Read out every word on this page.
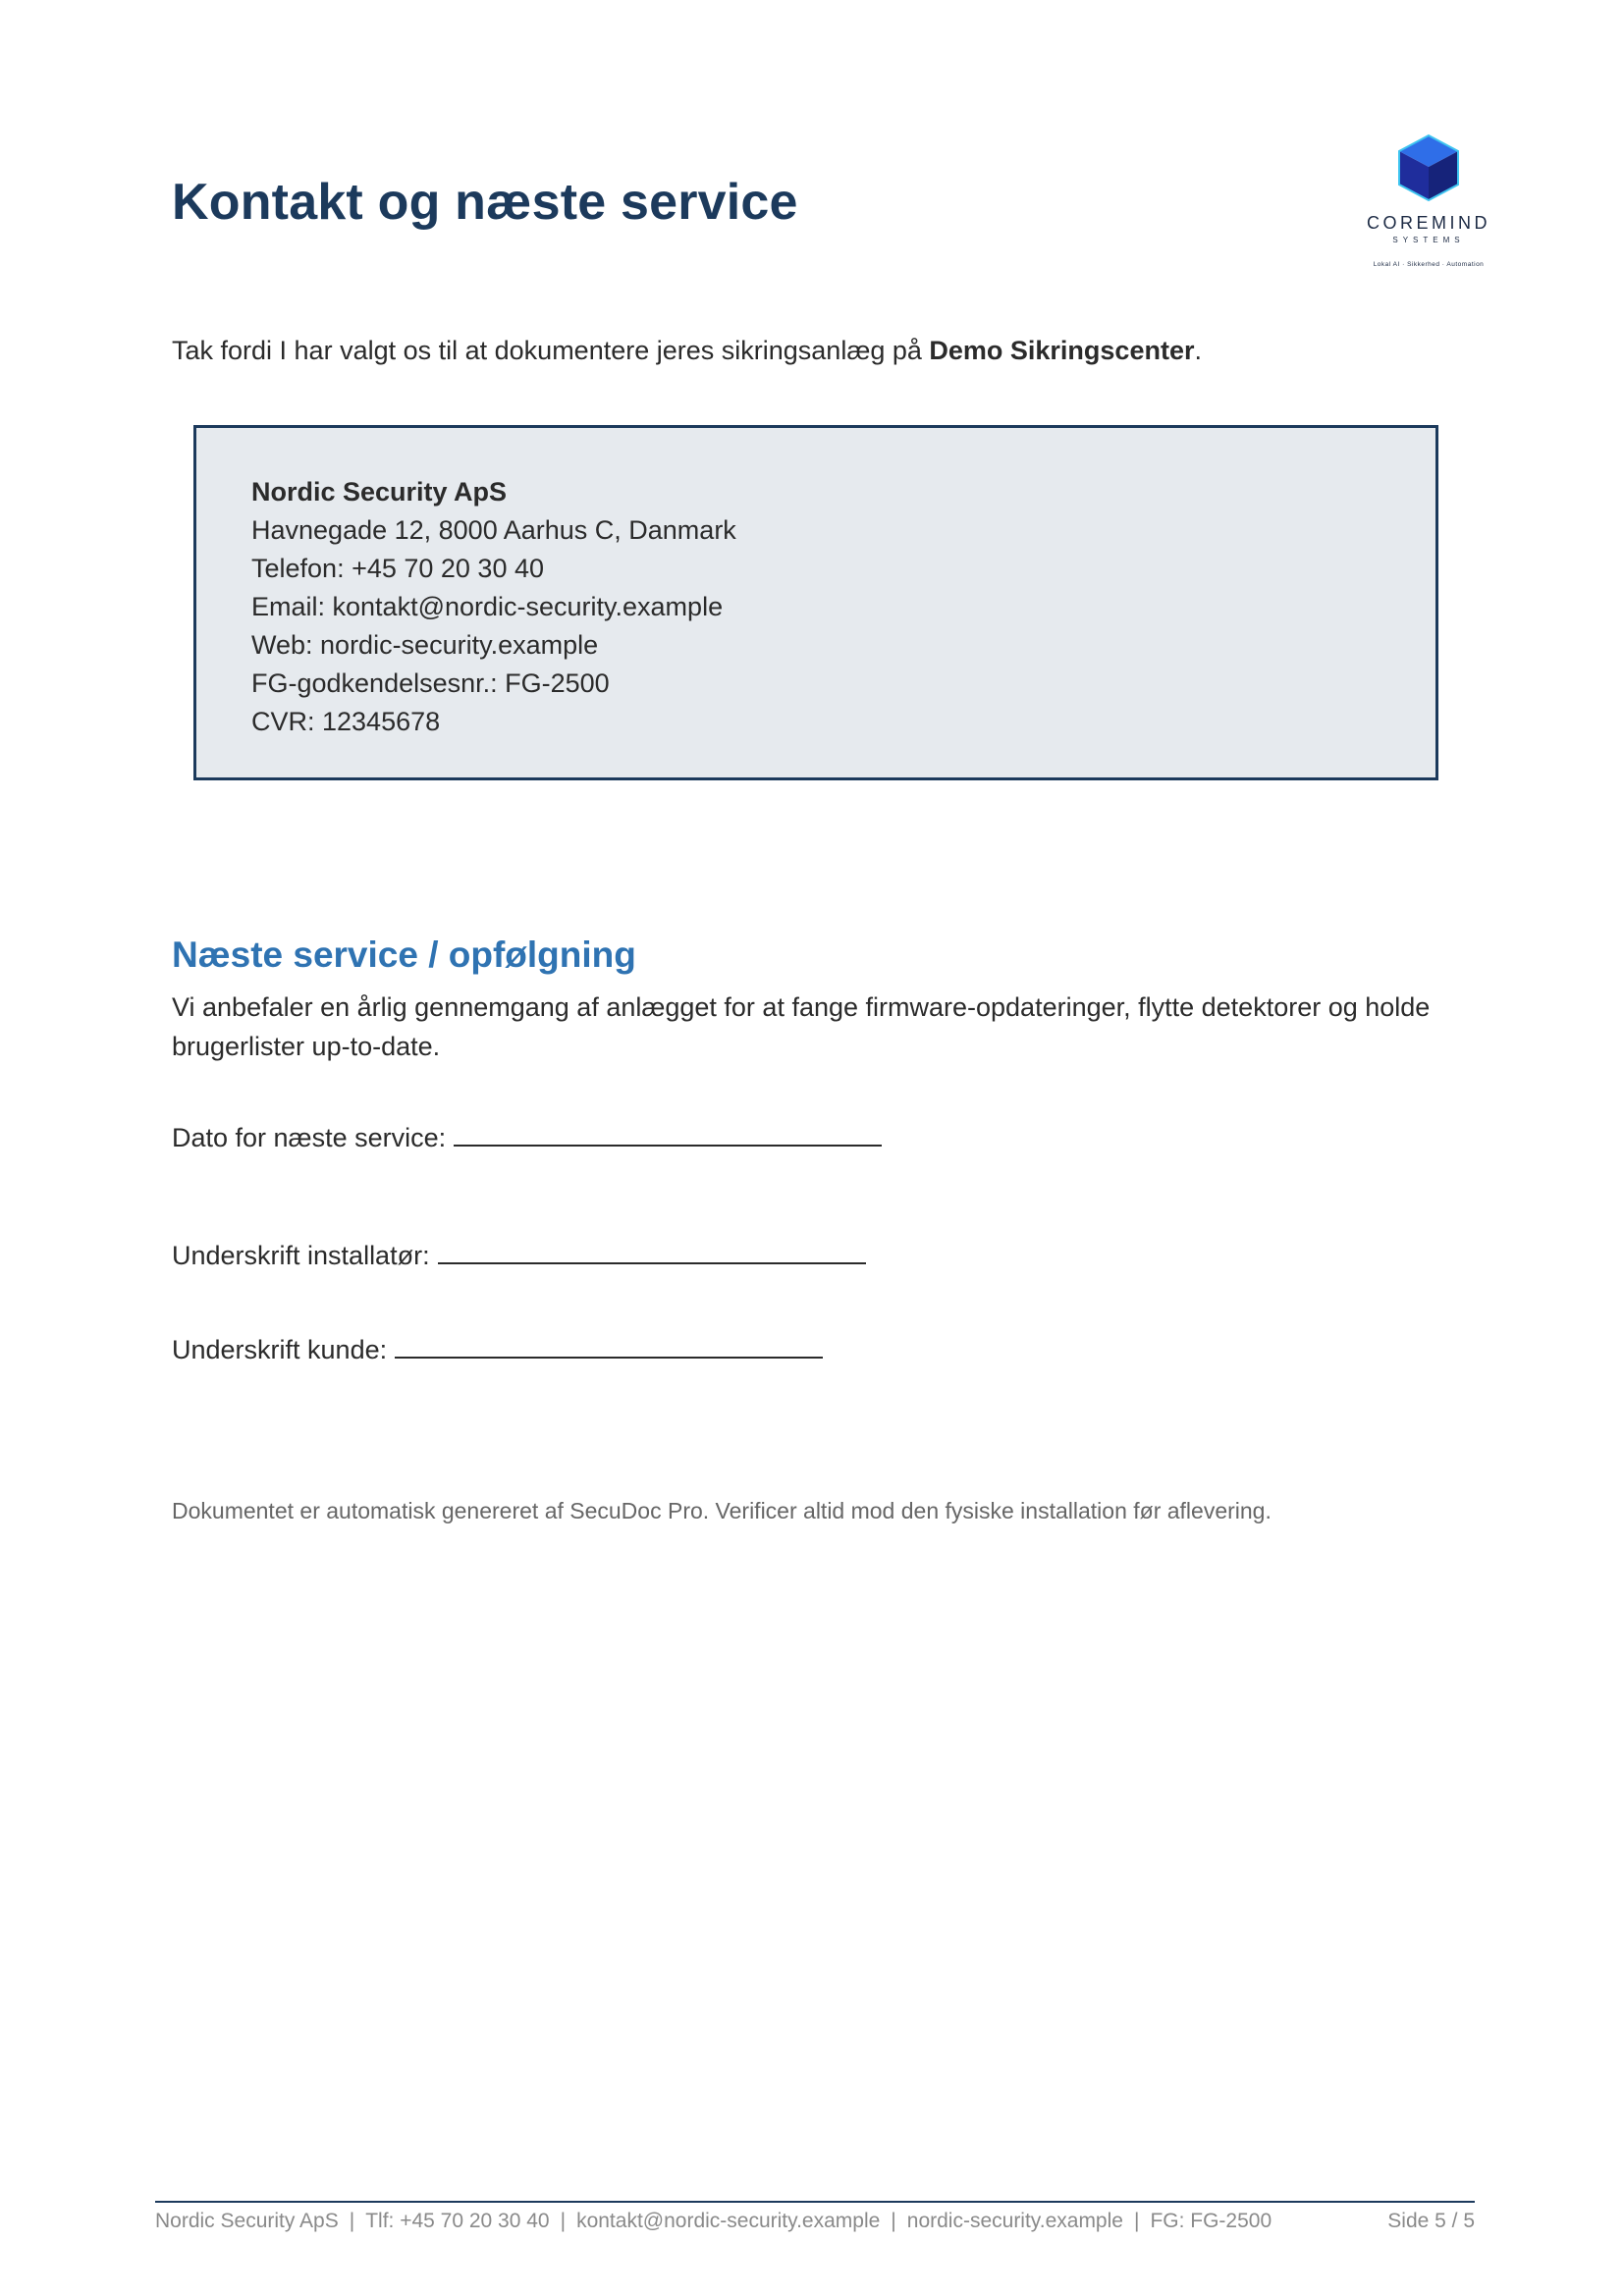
Kontakt og næste service	COREMIND
SYSTEMS
Lokal AI · Sikkerhed · Automation

Tak fordi I har valgt os til at dokumentere jeres sikringsanlæg på Demo Sikringscenter.

Nordic Security ApS
Havnegade 12, 8000 Aarhus C, Danmark
Telefon: +45 70 20 30 40
Email: kontakt@nordic-security.example
Web: nordic-security.example
FG-godkendelsesnr.: FG-2500
CVR: 12345678
Næste service / opfølgning

Vi anbefaler en årlig gennemgang af anlægget for at fange firmware-opdateringer, flytte detektorer og holde brugerlister up-to-date.

Dato for næste service:
Underskrift installatør:
Underskrift kunde:

Dokumentet er automatisk genereret af SecuDoc Pro. Verificer altid mod den fysiske installation før aflevering.

Nordic Security ApS | Tlf: +45 70 20 30 40 | kontakt@nordic-security.example | nordic-security.example | FG: FG-2500	Side 5 / 5
